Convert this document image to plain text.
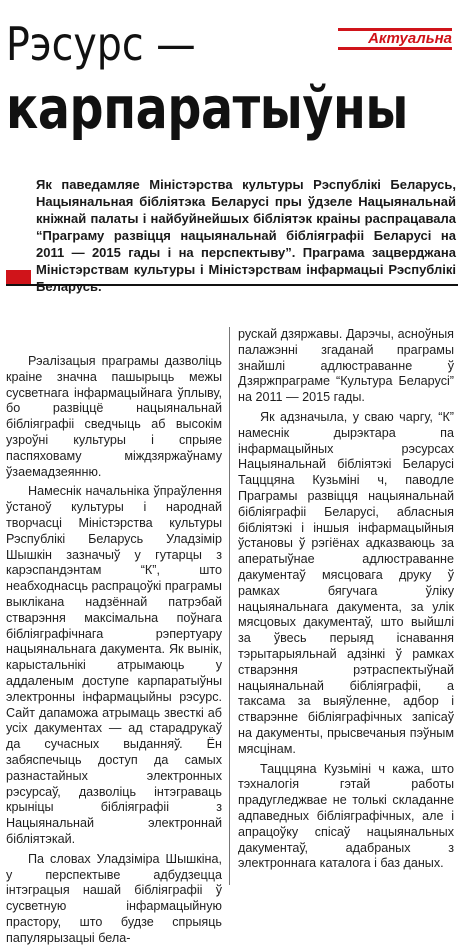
Актуальна
Рэсурс —
карпаратыўны
Як паведамляе Міністэрства культуры Рэспублікі Беларусь, Нацыянальная бібліятэка Беларусі пры ўдзеле Нацыянальнай кніжнай палаты і найбуйнейшых бібліятэк краіны распрацавала “Праграму развіцця нацыянальнай бібліяграфіі Беларусі на 2011 — 2015 гады і на перспектыву”. Праграма зацверджана Міністэрствам культуры і Міністэрствам інфармацыі Рэспублікі Беларусь.

Рэалізацыя праграмы дазволіць краіне значна пашырыць межы сусветнага інфармацыйнага ўплыву, бо развіццё нацыянальнай бібліяграфіі сведчыць аб высокім узроўні культуры і спрыяе паспяховаму міждзяржаўнаму ўзаемадзеянню.

Намеснік начальніка ўпраўлення ўстаноў культуры і народнай творчасці Міністэрства культуры Рэспублікі Беларусь Уладзімір Шышкін зазначыў у гутарцы з карэспандэнтам “К”, што неабходнасць распрацоўкі праграмы выклікана надзённай патрэбай стварэння максімальна поўнага бібліяграфічнага рэпертуару нацыянальнага дакумента. Як вынік, карыстальнікі атрымаюць у аддаленым доступе карпаратыўны электронны інфармацыйны рэсурс. Сайт дапаможа атрымаць звесткі аб усіх дакументах — ад старадрукаў да сучасных выданняў. Ён забяспечыць доступ да самых разнастайных электронных рэсурсаў, дазволіць інтэграваць крыніцы бібліяграфіі з Нацыянальнай электроннай бібліятэкай.

Па словах Уладзіміра Шышкіна, у перспектыве адбудзецца інтэграцыя нашай бібліяграфіі ў сусветную інфармацыйную прастору, што будзе спрыяць папулярызацыі бела-

рускай дзяржавы. Дарэчы, асноўныя палажэнні згаданай праграмы знайшлі адлюстраванне ў Дзяржпраграме “Культура Беларусі” на 2011 — 2015 гады.

Як адзначыла, у сваю чаргу, “К” намеснік дырэктара па інфармацыйных рэсурсах Нацыянальнай бібліятэкі Беларусі Тацццяна Кузьміні ч, паводле Праграмы развіцця нацыянальнай бібліяграфіі Беларусі, абласныя бібліятэкі і іншыя інфармацыйныя ўстановы ў рэгіёнах адказваюць за аператыўнае адлюстраванне дакументаў мясцовага друку ў рамках бягучага ўліку нацыянальнага дакумента, за улік мясцовых дакументаў, што выйшлі за ўвесь перыяд існавання тэрытарыяльнай адзінкі ў рамках стварэння рэтраспектыўнай нацыянальнай бібліяграфіі, а таксама за выяўленне, адбор і стварэнне бібліяграфічных запісаў на дакументы, прысвечаныя пэўным мясцінам.

Тацццяна Кузьміні ч кажа, што тэхналогія гэтай работы прадугледжвае не толькі складанне адпаведных бібліяграфічных, але і апрацоўку спісаў нацыянальных дакументаў, адабраных з электроннага каталога і баз даных.
